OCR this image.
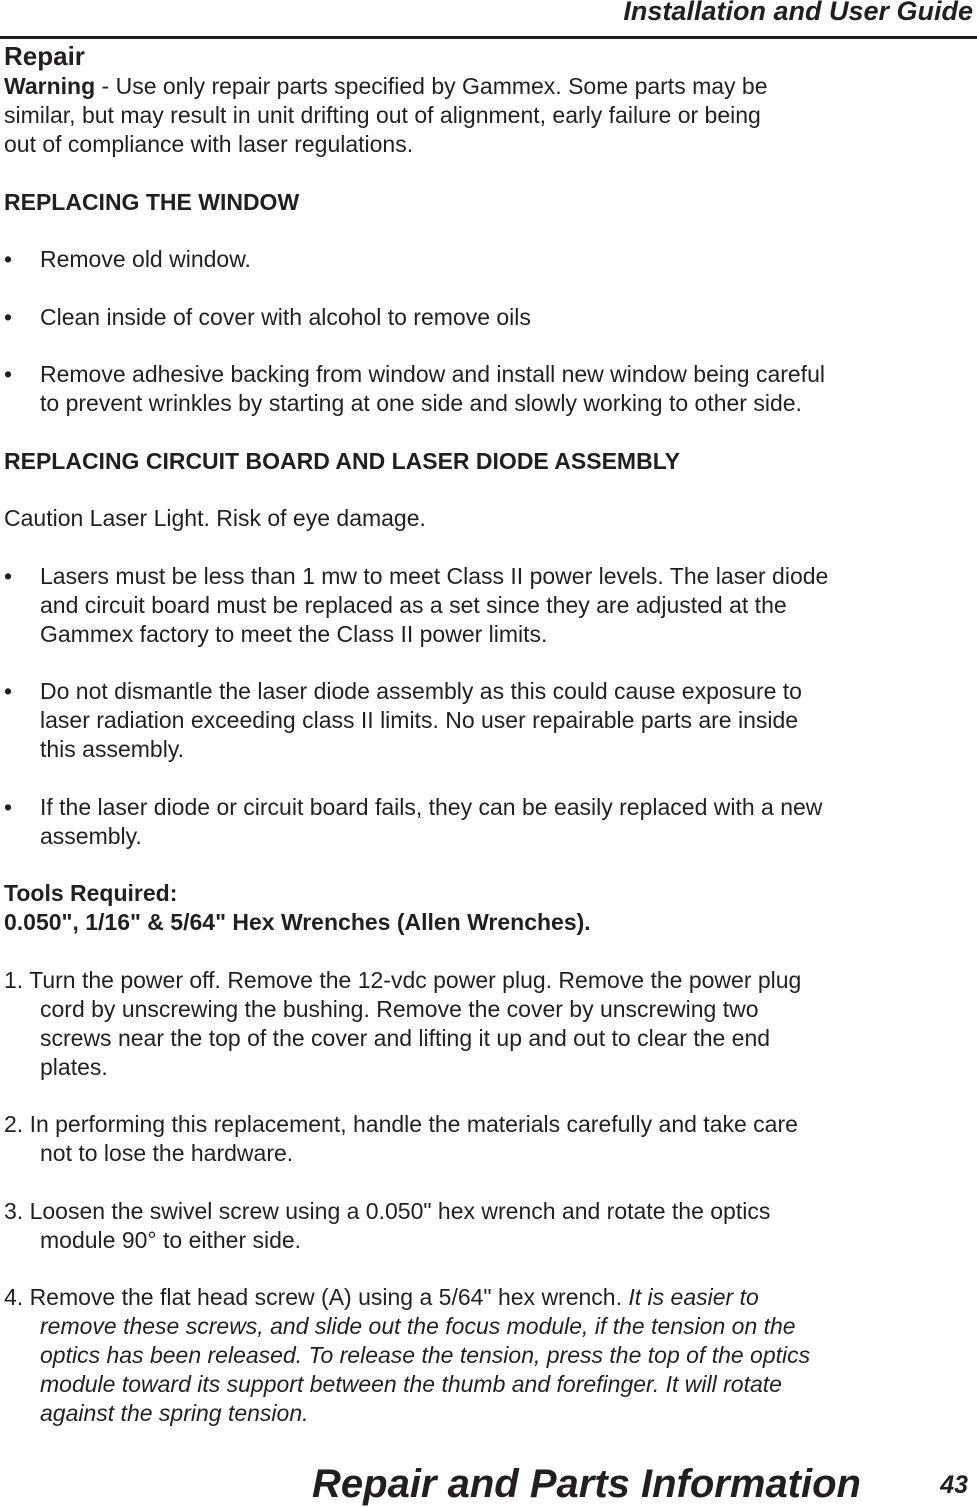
Installation and User Guide
Repair

Warning - Use only repair parts specified by Gammex. Some parts may be similar, but may result in unit drifting out of alignment, early failure or being out of compliance with laser regulations.

REPLACING THE WINDOW

• Remove old window.
• Clean inside of cover with alcohol to remove oils
• Remove adhesive backing from window and install new window being careful to prevent wrinkles by starting at one side and slowly working to other side.

REPLACING CIRCUIT BOARD AND LASER DIODE ASSEMBLY

Caution Laser Light. Risk of eye damage.

• Lasers must be less than 1 mw to meet Class II power levels. The laser diode and circuit board must be replaced as a set since they are adjusted at the Gammex factory to meet the Class II power limits.
• Do not dismantle the laser diode assembly as this could cause exposure to laser radiation exceeding class II limits. No user repairable parts are inside this assembly.
• If the laser diode or circuit board fails, they can be easily replaced with a new assembly.

Tools Required:

0.050", 1/16" & 5/64" Hex Wrenches (Allen Wrenches).

1. Turn the power off. Remove the 12-vdc power plug. Remove the power plug cord by unscrewing the bushing. Remove the cover by unscrewing two screws near the top of the cover and lifting it up and out to clear the end plates.

2. In performing this replacement, handle the materials carefully and take care not to lose the hardware.

3. Loosen the swivel screw using a 0.050" hex wrench and rotate the optics module 90° to either side.

4. Remove the flat head screw (A) using a 5/64" hex wrench. It is easier to remove these screws, and slide out the focus module, if the tension on the optics has been released. To release the tension, press the top of the optics module toward its support between the thumb and forefinger. It will rotate against the spring tension.

Repair and Parts Information	43
